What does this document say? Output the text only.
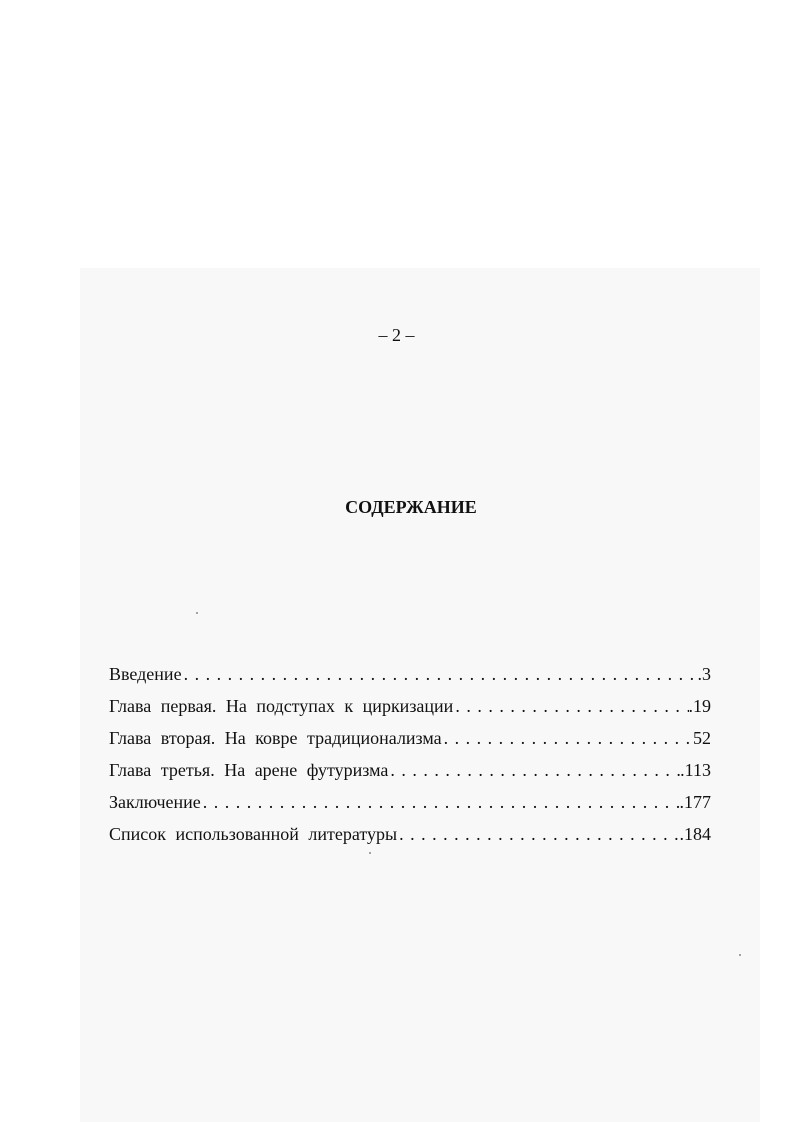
– 2 –
СОДЕРЖАНИЕ
Введение . . .	.3
Глава первая. На подступах к циркизации . . .	.19
Глава вторая. На ковре традиционализма . . .	52
Глава третья. На арене футуризма . . .	.113
Заключение . . .	.177
Список использованной литературы . . .	.184
